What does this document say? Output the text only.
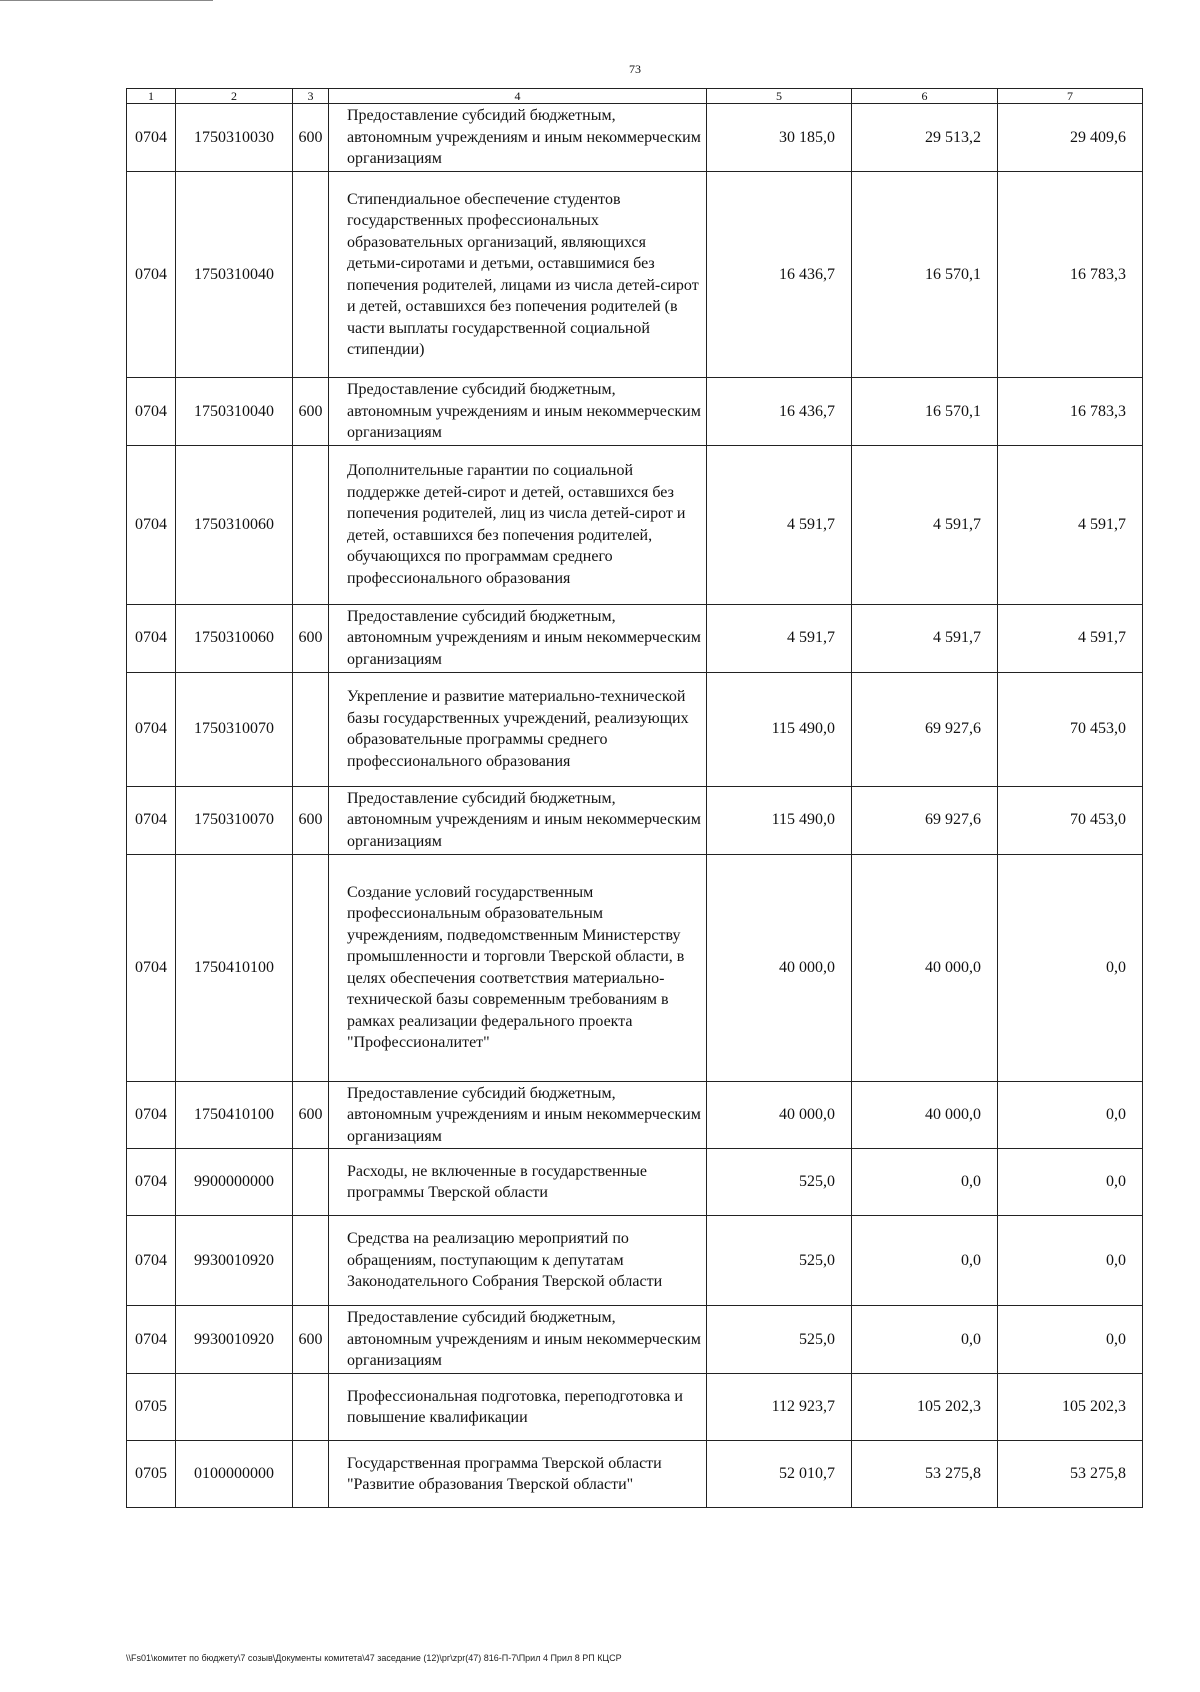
73
1	2	3	4	5	6	7
0704	1750310030	600	Предоставление субсидий бюджетным, автономным учреждениям и иным некоммерческим организациям	30 185,0	29 513,2	29 409,6
0704	1750310040		Стипендиальное обеспечение студентов государственных профессиональных образовательных организаций, являющихся детьми-сиротами и детьми, оставшимися без попечения родителей, лицами из числа детей-сирот и детей, оставшихся без попечения родителей (в части выплаты государственной социальной стипендии)	16 436,7	16 570,1	16 783,3
0704	1750310040	600	Предоставление субсидий бюджетным, автономным учреждениям и иным некоммерческим организациям	16 436,7	16 570,1	16 783,3
0704	1750310060		Дополнительные гарантии по социальной поддержке детей-сирот и детей, оставшихся без попечения родителей, лиц из числа детей-сирот и детей, оставшихся без попечения родителей, обучающихся по программам среднего профессионального образования	4 591,7	4 591,7	4 591,7
0704	1750310060	600	Предоставление субсидий бюджетным, автономным учреждениям и иным некоммерческим организациям	4 591,7	4 591,7	4 591,7
0704	1750310070		Укрепление и развитие материально-технической базы государственных учреждений, реализующих образовательные программы среднего профессионального образования	115 490,0	69 927,6	70 453,0
0704	1750310070	600	Предоставление субсидий бюджетным, автономным учреждениям и иным некоммерческим организациям	115 490,0	69 927,6	70 453,0
0704	1750410100		Создание условий государственным профессиональным образовательным учреждениям, подведомственным Министерству промышленности и торговли Тверской области, в целях обеспечения соответствия материально-технической базы современным требованиям в рамках реализации федерального проекта "Профессионалитет"	40 000,0	40 000,0	0,0
0704	1750410100	600	Предоставление субсидий бюджетным, автономным учреждениям и иным некоммерческим организациям	40 000,0	40 000,0	0,0
0704	9900000000		Расходы, не включенные в государственные программы Тверской области	525,0	0,0	0,0
0704	9930010920		Средства на реализацию мероприятий по обращениям, поступающим к депутатам Законодательного Собрания Тверской области	525,0	0,0	0,0
0704	9930010920	600	Предоставление субсидий бюджетным, автономным учреждениям и иным некоммерческим организациям	525,0	0,0	0,0
0705			Профессиональная подготовка, переподготовка и повышение квалификации	112 923,7	105 202,3	105 202,3
0705	0100000000		Государственная программа Тверской области "Развитие образования Тверской области"	52 010,7	53 275,8	53 275,8
\\Fs01\комитет по бюджету\7 созыв\Документы комитета\47 заседание (12)\рг\zpr(47) 816-П-7\Прил 4 Прил 8 РП КЦСР
